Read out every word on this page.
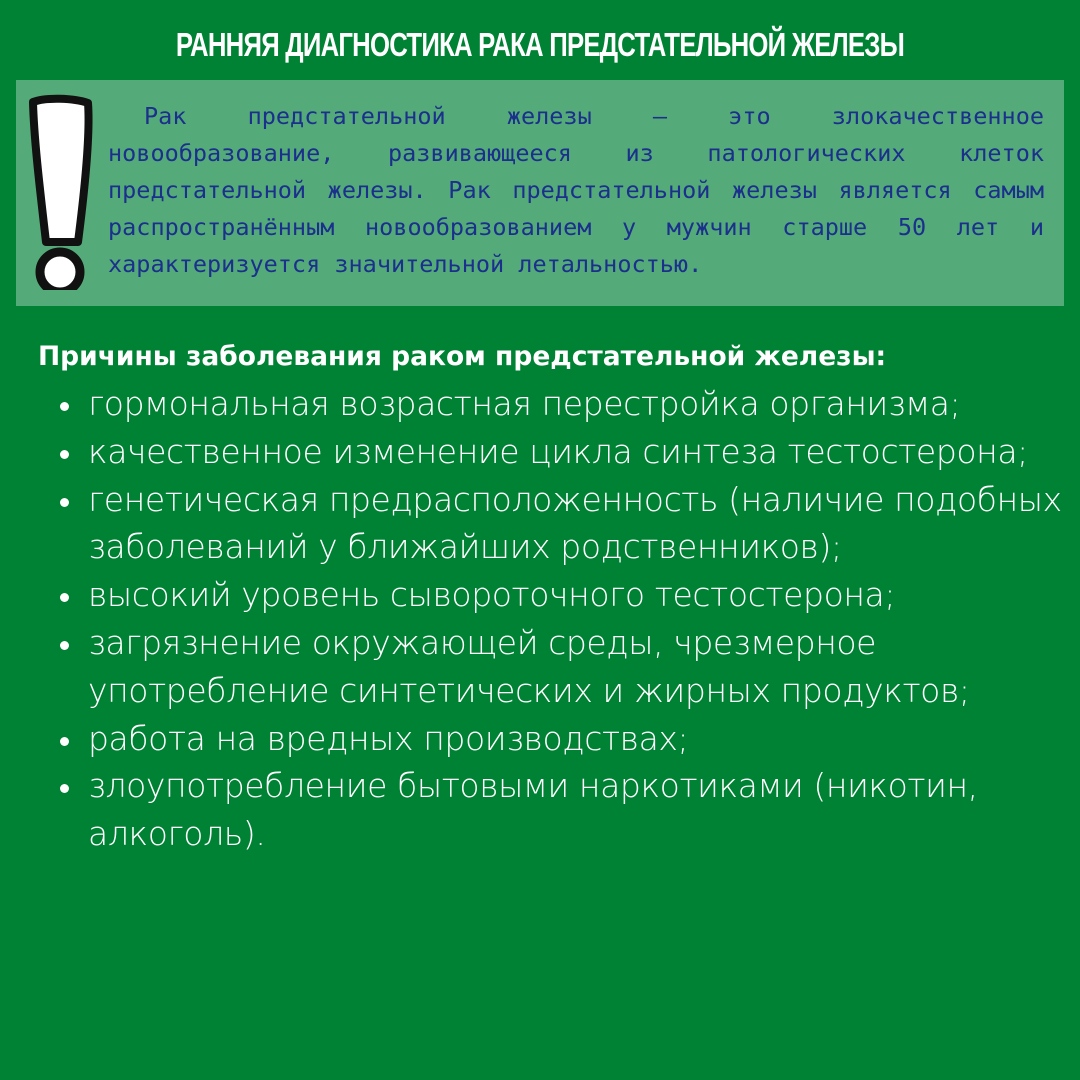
РАННЯЯ ДИАГНОСТИКА РАКА ПРЕДСТАТЕЛЬНОЙ ЖЕЛЕЗЫ

Рак предстательной железы — это злокачественное новообразование, развивающееся из патологических клеток предстательной железы. Рак предстательной железы является самым распространённым новообразованием у мужчин старше 50 лет и характеризуется значительной летальностью.

Причины заболевания раком предстательной железы:
гормональная возрастная перестройка организма;
качественное изменение цикла синтеза тестостерона;
генетическая предрасположенность (наличие подобных заболеваний у ближайших родственников);
высокий уровень сывороточного тестостерона;
загрязнение окружающей среды, чрезмерное употребление синтетических и жирных продуктов;
работа на вредных производствах;
злоупотребление бытовыми наркотиками (никотин, алкоголь).
